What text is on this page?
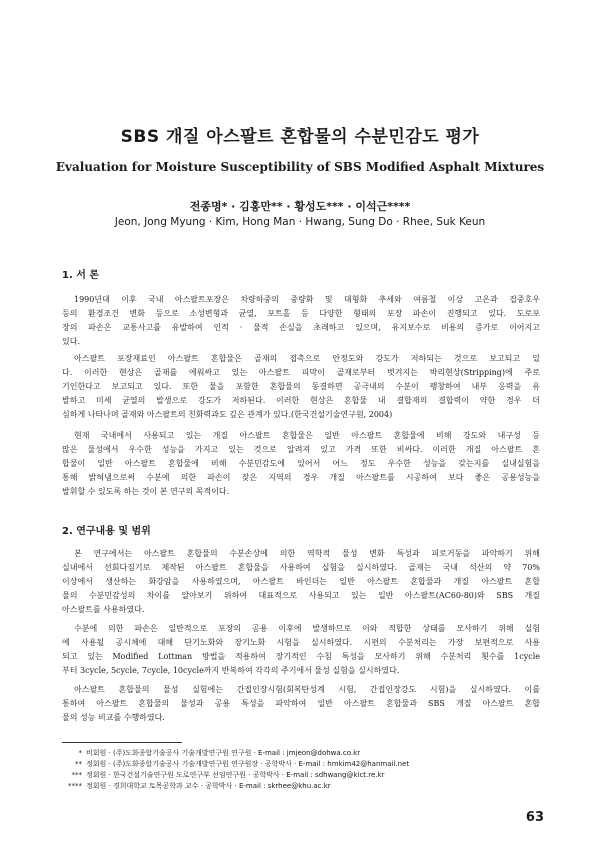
SBS 개질 아스팔트 혼합물의 수분민감도 평가
Evaluation for Moisture Susceptibility of SBS Modified Asphalt Mixtures
전종명* · 김홍만** · 황성도*** · 이석근****
Jeon, Jong Myung · Kim, Hong Man · Hwang, Sung Do · Rhee, Suk Keun
1. 서 론
1990년대 이후 국내 아스팔트포장은 차량하중의 중량화 및 대형화 추세와 여름철 이상 고온과 집중호우
등의 환경조건 변화 등으로 소성변형과 균열, 포트홀 등 다양한 형태의 포장 파손이 진행되고 있다. 도로포
장의 파손은 교통사고를 유발하여 인적 · 물적 손실을 초래하고 있으며, 유지보수로 비용의 증가로 이어지고
있다.
아스팔트 포장재료인 아스팔트 혼합물은 골재의 접촉으로 안정도와 강도가 저하되는 것으로 보고되고 있
다. 이러한 현상은 골재를 에워싸고 있는 아스팔트 피막이 골재로부터 벗겨지는 박리현상(Stripping)에 주로
기인한다고 보고되고 있다. 또한 물을 포함한 혼합물의 동결하면 공극내의 수분이 팽창하여 내부 응력을 유
발하고 미세 균열의 발생으로 강도가 저하된다. 이러한 현상은 혼합물 내 결합재의 결합력이 약한 경우 더
심하게 나타나며 골재와 아스팔트의 친화력과도 깊은 관계가 있다.(한국건설기술연구원, 2004)
현재 국내에서 사용되고 있는 개질 아스팔트 혼합물은 일반 아스팔트 혼합물에 비해 강도와 내구성 등
많은 물성에서 우수한 성능을 가지고 있는 것으로 알려져 있고 가격 또한 비싸다. 이러한 개질 아스팔트 혼
합물이 일반 아스팔트 혼합물에 비해 수분민감도에 있어서 어느 정도 우수한 성능을 갖는지를 실내실험을
통해 밝혀냄으로써 수분에 의한 파손이 잦은 지역의 경우 개질 아스팔트를 시공하여 보다 좋은 공용성능을
발휘할 수 있도록 하는 것이 본 연구의 목적이다.
2. 연구내용 및 범위
본 연구에서는 아스팔트 혼합물의 수분손상에 의한 역학적 물성 변화 특성과 피로거동을 파악하기 위해
실내에서 선회다짐기로 제작된 아스팔트 혼합물을 사용하여 실험을 실시하였다. 골재는 국내 석산의 약 70%
이상에서 생산하는 화강암을 사용하였으며, 아스팔트 바인더는 일반 아스팔트 혼합물과 개질 아스팔트 혼합
물의 수분민감성의 차이를 알아보기 위하여 대표적으로 사용되고 있는 일반 아스팔트(AC60-80)와 SBS 개질
아스팔트를 사용하였다.
수분에 의한 파손은 일반적으로 포장의 공용 이후에 발생하므로 이와 적합한 상태를 모사하기 위해 실험
에 사용될 공시체에 대해 단기노화와 장기노화 시험을 실시하였다. 시편의 수분처리는 가장 보편적으로 사용
되고 있는 Modified Lottman 방법을 적용하여 장기적인 수침 특성을 모사하기 위해 수분처리 횟수를 1cycle
부터 3cycle, 5cycle, 7cycle, 10cycle까지 반복하여 각각의 주기에서 물성 실험을 실시하였다.
아스팔트 혼합물의 물성 실험에는 간접인장시험(회복탄성계 시험, 간접인장강도 시험)을 실시하였다. 이를
통하여 아스팔트 혼합물의 물성과 공용 특성을 파악하여 일반 아스팔트 혼합물과 SBS 개질 아스팔트 혼합
물의 성능 비교를 수행하였다.
* 비회원 · (주)도화종합기술공사 기술개발연구원 연구원 · E-mail : jmjeon@dohwa.co.kr
** 정회원 · (주)도화종합기술공사 기술개발연구원 연구원장 · 공학박사 · E-mail : hmkim42@hanmail.net
*** 정회원 · 한국건설기술연구원 도로연구부 선임연구원 · 공학박사 · E-mail : sdhwang@kict.re.kr
**** 정회원 · 경희대학교 토목공학과 교수 · 공학박사 · E-mail : skrhee@khu.ac.kr
63
